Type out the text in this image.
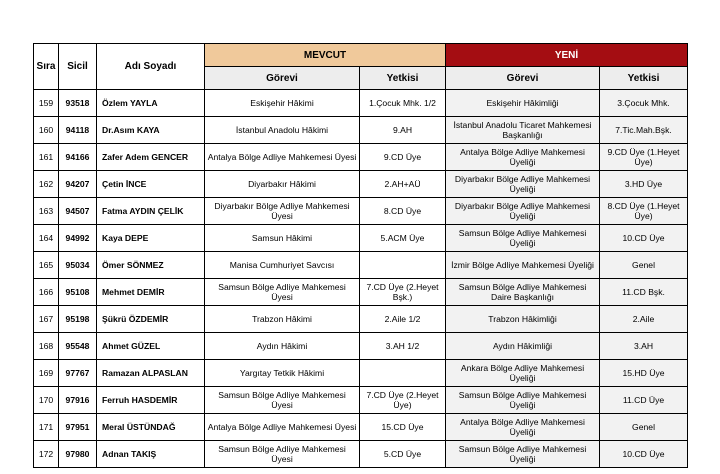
Sıra	Sicil	Adı Soyadı	MEVCUT		YENİ	
			Görevi	Yetkisi	Görevi	Yetkisi
159	93518	Özlem YAYLA	Eskişehir Hâkimi	1.Çocuk Mhk. 1/2	Eskişehir Hâkimliği	3.Çocuk Mhk.
160	94118	Dr.Asım KAYA	İstanbul Anadolu Hâkimi	9.AH	İstanbul Anadolu Ticaret Mahkemesi Başkanlığı	7.Tic.Mah.Bşk.
161	94166	Zafer Adem GENCER	Antalya Bölge Adliye Mahkemesi Üyesi	9.CD Üye	Antalya Bölge Adliye Mahkemesi Üyeliği	9.CD Üye (1.Heyet Üye)
162	94207	Çetin İNCE	Diyarbakır Hâkimi	2.AH+AÜ	Diyarbakır Bölge Adliye Mahkemesi Üyeliği	3.HD Üye
163	94507	Fatma AYDIN ÇELİK	Diyarbakır Bölge Adliye Mahkemesi Üyesi	8.CD Üye	Diyarbakır Bölge Adliye Mahkemesi Üyeliği	8.CD Üye (1.Heyet Üye)
164	94992	Kaya DEPE	Samsun Hâkimi	5.ACM Üye	Samsun Bölge Adliye Mahkemesi Üyeliği	10.CD Üye
165	95034	Ömer SÖNMEZ	Manisa Cumhuriyet Savcısı		İzmir Bölge Adliye Mahkemesi Üyeliği	Genel
166	95108	Mehmet DEMİR	Samsun Bölge Adliye Mahkemesi Üyesi	7.CD Üye (2.Heyet Bşk.)	Samsun Bölge Adliye Mahkemesi Daire Başkanlığı	11.CD Bşk.
167	95198	Şükrü ÖZDEMİR	Trabzon Hâkimi	2.Aile 1/2	Trabzon Hâkimliği	2.Aile
168	95548	Ahmet GÜZEL	Aydın Hâkimi	3.AH 1/2	Aydın Hâkimliği	3.AH
169	97767	Ramazan ALPASLAN	Yargıtay Tetkik Hâkimi		Ankara Bölge Adliye Mahkemesi Üyeliği	15.HD Üye
170	97916	Ferruh HASDEMİR	Samsun Bölge Adliye Mahkemesi Üyesi	7.CD Üye (2.Heyet Üye)	Samsun Bölge Adliye Mahkemesi Üyeliği	11.CD Üye
171	97951	Meral ÜSTÜNDAĞ	Antalya Bölge Adliye Mahkemesi Üyesi	15.CD Üye	Antalya Bölge Adliye Mahkemesi Üyeliği	Genel
172	97980	Adnan TAKIŞ	Samsun Bölge Adliye Mahkemesi Üyesi	5.CD Üye	Samsun Bölge Adliye Mahkemesi Üyeliği	10.CD Üye
